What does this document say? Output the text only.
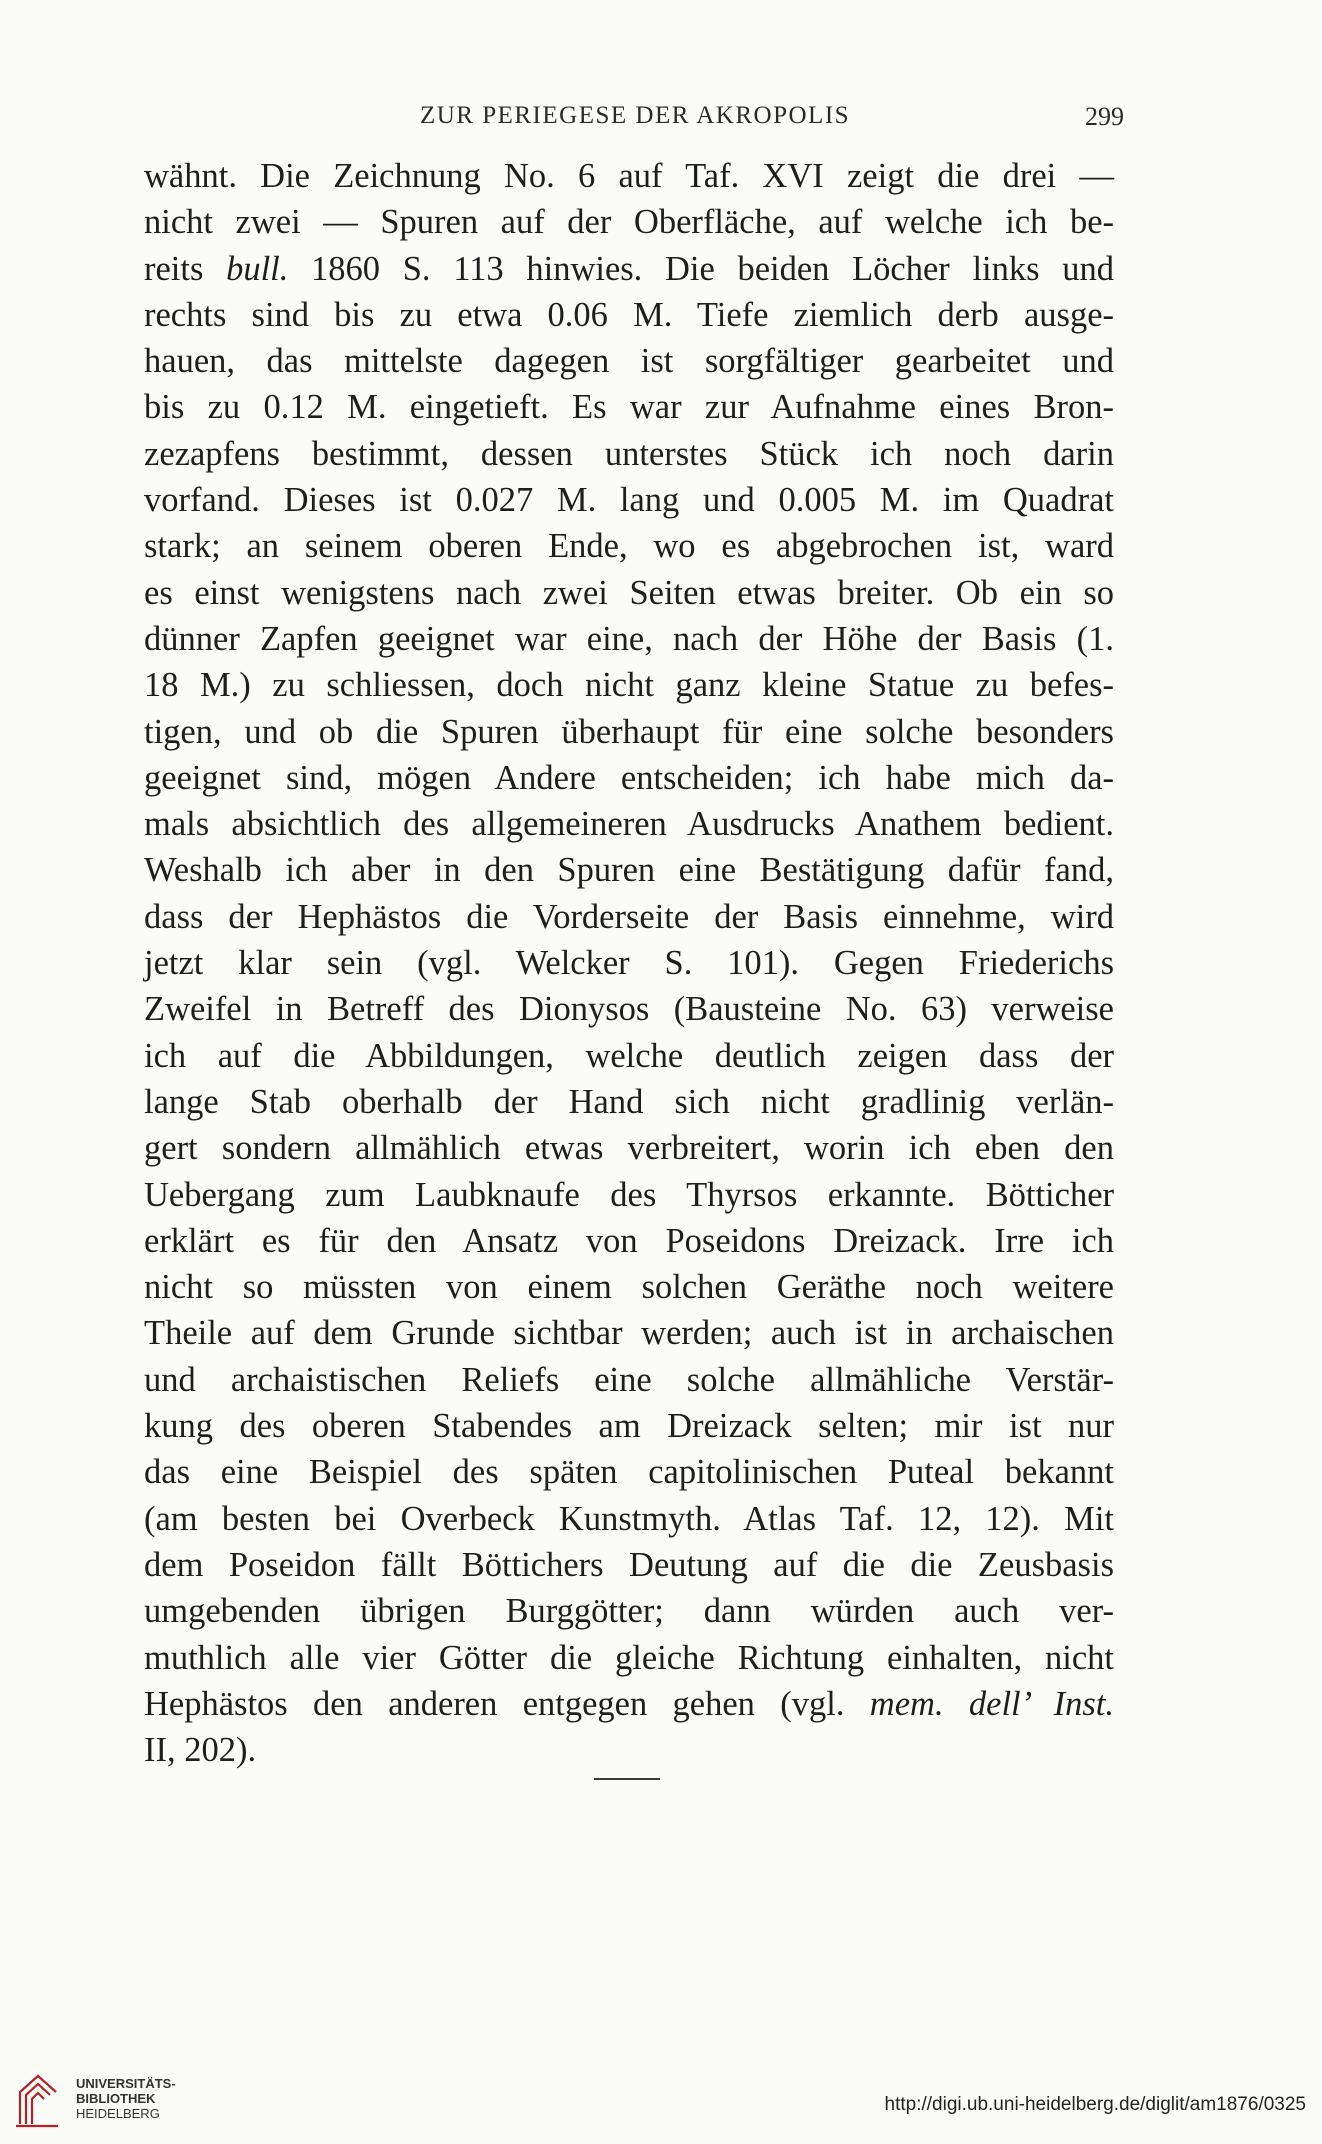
ZUR PERIEGESE DER AKROPOLIS	299
wähnt. Die Zeichnung No. 6 auf Taf. XVI zeigt die drei —
nicht zwei — Spuren auf der Oberfläche, auf welche ich be-
reits bull. 1860 S. 113 hinwies. Die beiden Löcher links und
rechts sind bis zu etwa 0.06 M. Tiefe ziemlich derb ausge-
hauen, das mittelste dagegen ist sorgfältiger gearbeitet und
bis zu 0.12 M. eingetieft. Es war zur Aufnahme eines Bron-
zezapfens bestimmt, dessen unterstes Stück ich noch darin
vorfand. Dieses ist 0.027 M. lang und 0.005 M. im Quadrat
stark; an seinem oberen Ende, wo es abgebrochen ist, ward
es einst wenigstens nach zwei Seiten etwas breiter. Ob ein so
dünner Zapfen geeignet war eine, nach der Höhe der Basis (1.
18 M.) zu schliessen, doch nicht ganz kleine Statue zu befes-
tigen, und ob die Spuren überhaupt für eine solche besonders
geeignet sind, mögen Andere entscheiden; ich habe mich da-
mals absichtlich des allgemeineren Ausdrucks Anathem bedient.
Weshalb ich aber in den Spuren eine Bestätigung dafür fand,
dass der Hephästos die Vorderseite der Basis einnehme, wird
jetzt klar sein (vgl. Welcker S. 101). Gegen Friederichs
Zweifel in Betreff des Dionysos (Bausteine No. 63) verweise
ich auf die Abbildungen, welche deutlich zeigen dass der
lange Stab oberhalb der Hand sich nicht gradlinig verlän-
gert sondern allmählich etwas verbreitert, worin ich eben den
Uebergang zum Laubknaufe des Thyrsos erkannte. Bötticher
erklärt es für den Ansatz von Poseidons Dreizack. Irre ich
nicht so müssten von einem solchen Geräthe noch weitere
Theile auf dem Grunde sichtbar werden; auch ist in archaischen
und archaistischen Reliefs eine solche allmähliche Verstär-
kung des oberen Stabendes am Dreizack selten; mir ist nur
das eine Beispiel des späten capitolinischen Puteal bekannt
(am besten bei Overbeck Kunstmyth. Atlas Taf. 12, 12). Mit
dem Poseidon fällt Böttichers Deutung auf die die Zeusbasis
umgebenden übrigen Burggötter; dann würden auch ver-
muthlich alle vier Götter die gleiche Richtung einhalten, nicht
Hephästos den anderen entgegen gehen (vgl. mem. dell’ Inst.
II, 202).
UNIVERSITÄTS-
BIBLIOTHEK
HEIDELBERG	http://digi.ub.uni-heidelberg.de/diglit/am1876/0325
